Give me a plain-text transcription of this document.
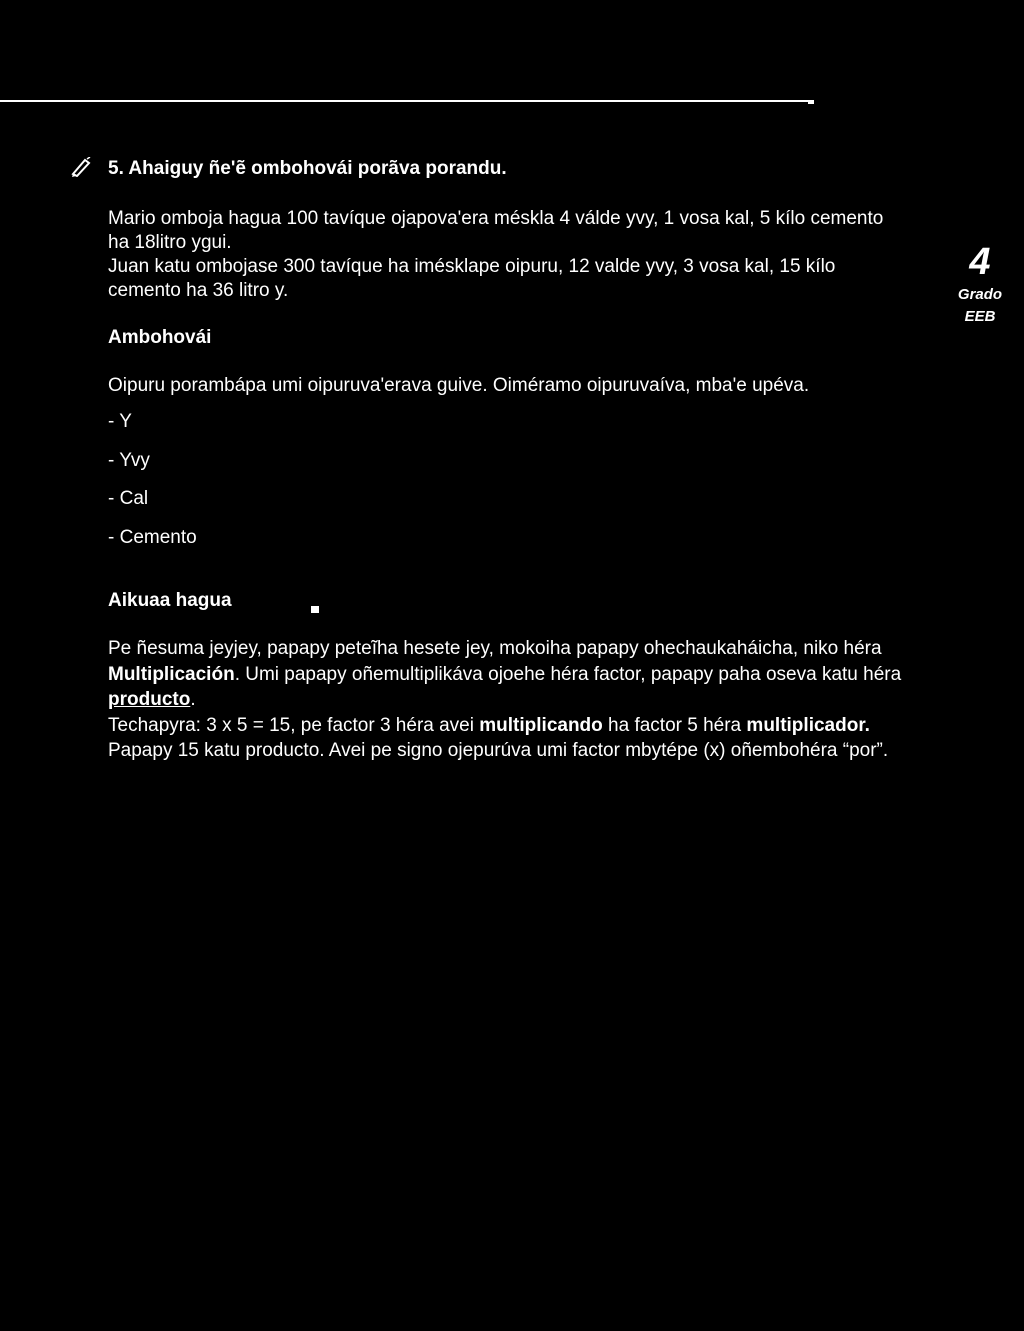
5. Ahaiguy ñe'ẽ ombohovái porãva porandu.

Mario omboja hagua 100 tavíque ojapova'era méskla 4 válde yvy, 1 vosa kal, 5 kílo cemento ha 18litro ygui.

Juan katu ombojase 300 tavíque ha imésklape oipuru, 12 valde yvy, 3 vosa kal, 15 kílo cemento ha 36 litro y.

4
Grado
EEB
Ambohovái

Oipuru porambápa umi oipuruva'erava guive. Oiméramo oipuruvaíva, mba'e upéva.

- Y
- Yvy
- Cal
- Cemento
Aikuaa hagua

Pe ñesuma jeyjey, papapy peteĩha hesete jey, mokoiha papapy ohechaukaháicha, niko héra Multiplicación. Umi papapy oñemultiplikáva ojoehe héra factor, papapy paha oseva katu héra producto.
Techapyra: 3 x 5 = 15, pe factor 3 héra avei multiplicando ha factor 5 héra multiplicador. Papapy 15 katu producto. Avei pe signo ojepurúva umi factor mbytépe (x) oñembohéra “por”.
